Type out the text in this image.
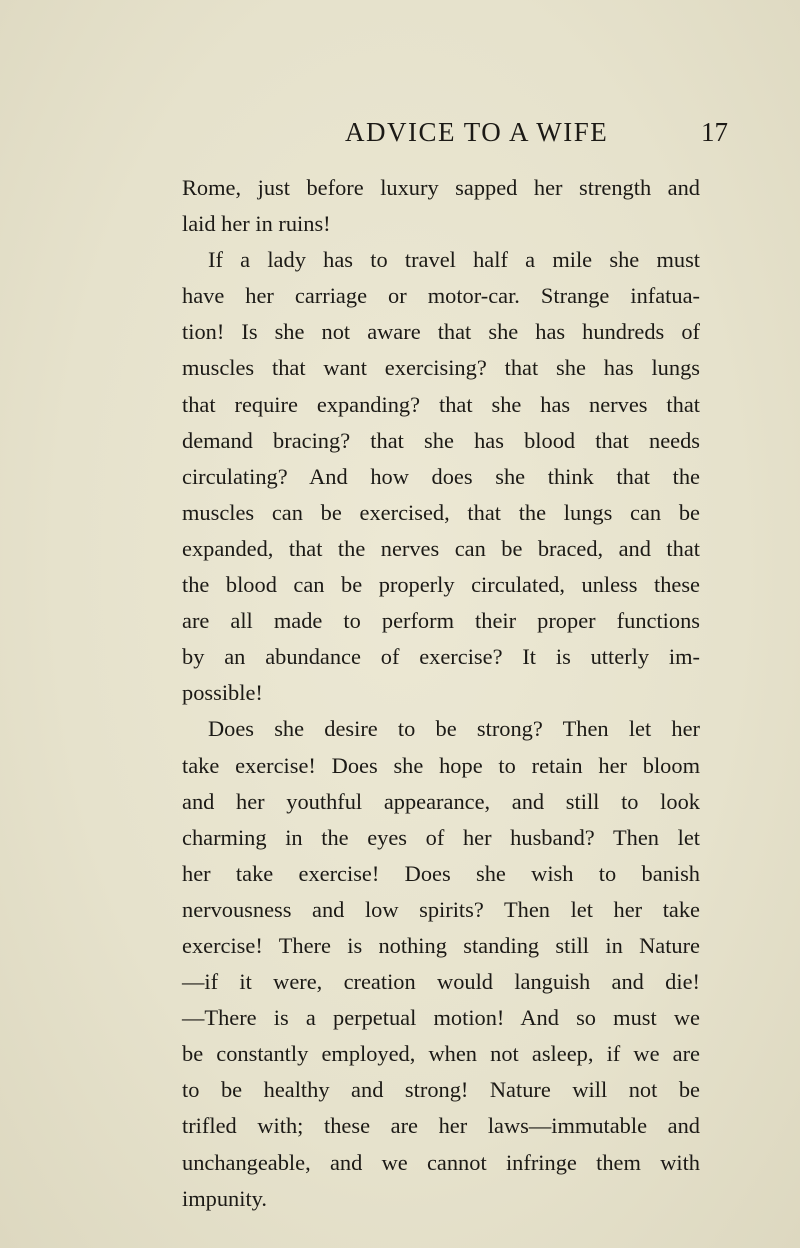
ADVICE TO A WIFE	17
Rome, just before luxury sapped her strength and
laid her in ruins!
If a lady has to travel half a mile she must
have her carriage or motor-car. Strange infatua-
tion! Is she not aware that she has hundreds of
muscles that want exercising? that she has lungs
that require expanding? that she has nerves that
demand bracing? that she has blood that needs
circulating? And how does she think that the
muscles can be exercised, that the lungs can be
expanded, that the nerves can be braced, and that
the blood can be properly circulated, unless these
are all made to perform their proper functions
by an abundance of exercise? It is utterly im-
possible!
Does she desire to be strong? Then let her
take exercise! Does she hope to retain her bloom
and her youthful appearance, and still to look
charming in the eyes of her husband? Then let
her take exercise! Does she wish to banish
nervousness and low spirits? Then let her take
exercise! There is nothing standing still in Nature
—if it were, creation would languish and die!
—There is a perpetual motion! And so must we
be constantly employed, when not asleep, if we are
to be healthy and strong! Nature will not be
trifled with; these are her laws—immutable and
unchangeable, and we cannot infringe them with
impunity.
